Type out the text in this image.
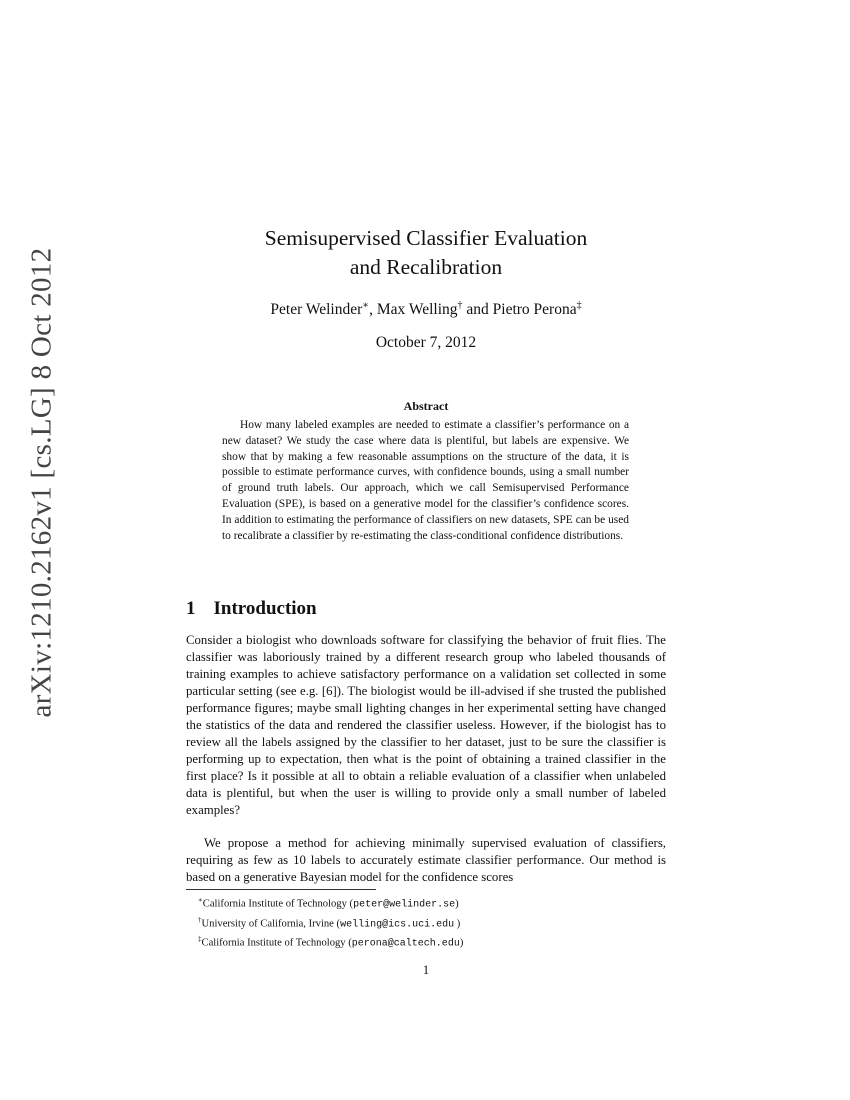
arXiv:1210.2162v1 [cs.LG] 8 Oct 2012
Semisupervised Classifier Evaluation
and Recalibration
Peter Welinder∗, Max Welling† and Pietro Perona‡
October 7, 2012
Abstract

How many labeled examples are needed to estimate a classifier’s performance on a new dataset? We study the case where data is plentiful, but labels are expensive. We show that by making a few reasonable assumptions on the structure of the data, it is possible to estimate performance curves, with confidence bounds, using a small number of ground truth labels. Our approach, which we call Semisupervised Performance Evaluation (SPE), is based on a generative model for the classifier’s confidence scores. In addition to estimating the performance of classifiers on new datasets, SPE can be used to recalibrate a classifier by re-estimating the class-conditional confidence distributions.

1 Introduction

Consider a biologist who downloads software for classifying the behavior of fruit flies. The classifier was laboriously trained by a different research group who labeled thousands of training examples to achieve satisfactory performance on a validation set collected in some particular setting (see e.g. [6]). The biologist would be ill-advised if she trusted the published performance figures; maybe small lighting changes in her experimental setting have changed the statistics of the data and rendered the classifier useless. However, if the biologist has to review all the labels assigned by the classifier to her dataset, just to be sure the classifier is performing up to expectation, then what is the point of obtaining a trained classifier in the first place? Is it possible at all to obtain a reliable evaluation of a classifier when unlabeled data is plentiful, but when the user is willing to provide only a small number of labeled examples?

We propose a method for achieving minimally supervised evaluation of classifiers, requiring as few as 10 labels to accurately estimate classifier performance. Our method is based on a generative Bayesian model for the confidence scores

∗California Institute of Technology (peter@welinder.se)
†University of California, Irvine (welling@ics.uci.edu )
‡California Institute of Technology (perona@caltech.edu)
1
